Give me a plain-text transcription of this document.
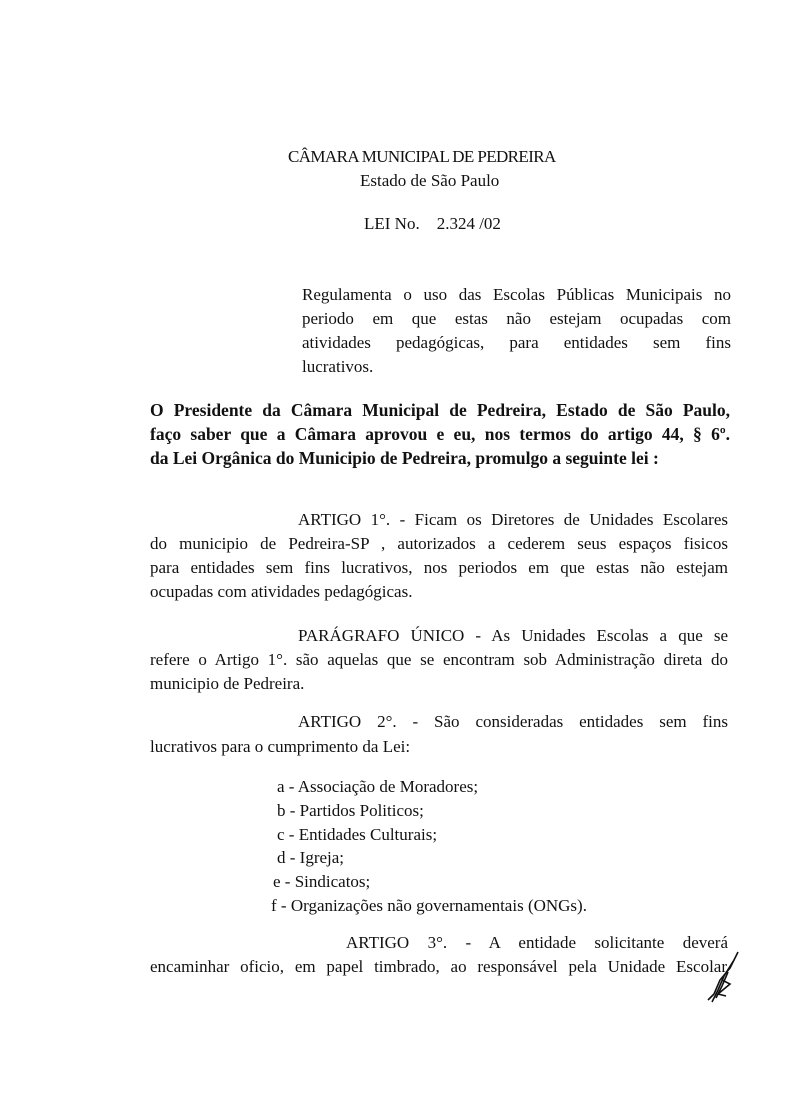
CÂMARA MUNICIPAL DE PEDREIRA
Estado de São Paulo
LEI No.    2.324 /02
Regulamenta o uso das Escolas Públicas Municipais no
periodo em que estas não estejam ocupadas com
atividades pedagógicas, para entidades sem fins
lucrativos.
O Presidente da Câmara Municipal de Pedreira, Estado de São Paulo,
faço saber que a Câmara aprovou e eu, nos termos do artigo 44, § 6º.
da Lei Orgânica do Municipio de Pedreira, promulgo a seguinte lei :
ARTIGO 1°. - Ficam os Diretores de Unidades Escolares
do municipio de Pedreira-SP , autorizados a cederem seus espaços fisicos
para entidades sem fins lucrativos, nos periodos em que estas não estejam
ocupadas com atividades pedagógicas.
PARÁGRAFO ÚNICO - As Unidades Escolas a que se
refere o Artigo 1°. são aquelas que se encontram sob Administração direta do
municipio de Pedreira.
ARTIGO 2°. - São consideradas entidades sem fins
lucrativos para o cumprimento da Lei:
a - Associação de Moradores;
b - Partidos Politicos;
c - Entidades Culturais;
d - Igreja;
e - Sindicatos;
f - Organizações não governamentais (ONGs).
ARTIGO 3°. - A entidade solicitante deverá
encaminhar oficio, em papel timbrado, ao responsável pela Unidade Escolar
